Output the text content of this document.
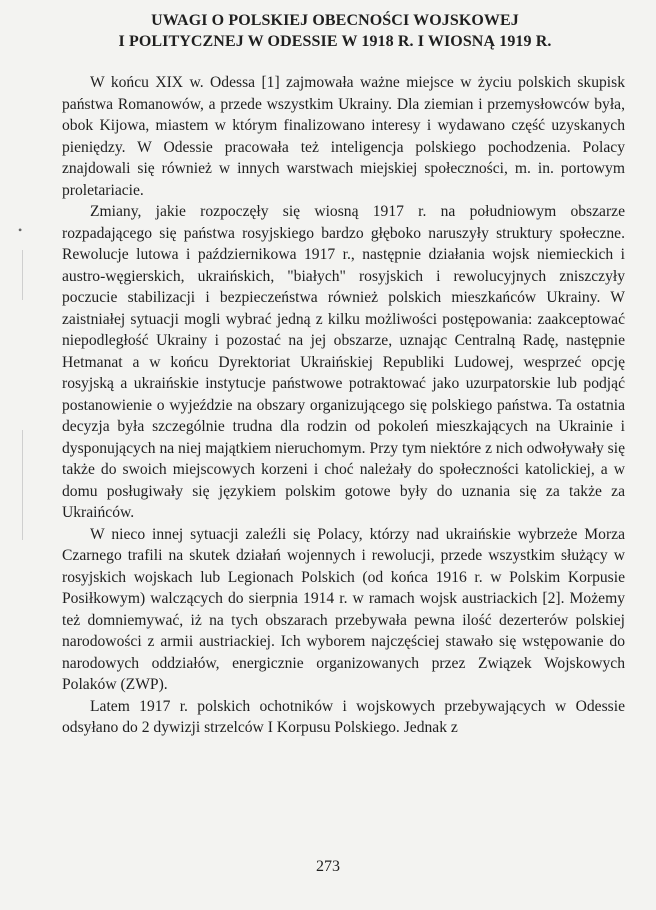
UWAGI O POLSKIEJ OBECNOŚCI WOJSKOWEJ
I POLITYCZNEJ W ODESSIE W 1918 R. I WIOSNĄ 1919 R.
•

W końcu XIX w. Odessa [1] zajmowała ważne miejsce w życiu polskich skupisk państwa Romanowów, a przede wszystkim Ukrainy. Dla ziemian i przemysłowców była, obok Kijowa, miastem w którym finalizowano interesy i wydawano część uzyskanych pieniędzy. W Odessie pracowała też inteligencja polskiego pochodzenia. Polacy znajdowali się również w innych warstwach miejskiej społeczności, m. in. portowym proletariacie.

Zmiany, jakie rozpoczęły się wiosną 1917 r. na południowym obszarze rozpadającego się państwa rosyjskiego bardzo głęboko naruszyły struktury społeczne. Rewolucje lutowa i październikowa 1917 r., następnie działania wojsk niemieckich i austro-węgierskich, ukraińskich, "białych" rosyjskich i rewolucyjnych zniszczyły poczucie stabilizacji i bezpieczeństwa również polskich mieszkańców Ukrainy. W zaistniałej sytuacji mogli wybrać jedną z kilku możliwości postępowania: zaakceptować niepodległość Ukrainy i pozostać na jej obszarze, uznając Centralną Radę, następnie Hetmanat a w końcu Dyrektoriat Ukraińskiej Republiki Ludowej, wesprzeć opcję rosyjską a ukraińskie instytucje państwowe potraktować jako uzurpatorskie lub podjąć postanowienie o wyjeździe na obszary organizującego się polskiego państwa. Ta ostatnia decyzja była szczególnie trudna dla rodzin od pokoleń mieszkających na Ukrainie i dysponujących na niej majątkiem nieruchomym. Przy tym niektóre z nich odwoływały się także do swoich miejscowych korzeni i choć należały do społeczności katolickiej, a w domu posługiwały się językiem polskim gotowe były do uznania się za także za Ukraińców.

W nieco innej sytuacji zaleźli się Polacy, którzy nad ukraińskie wybrzeże Morza Czarnego trafili na skutek działań wojennych i rewolucji, przede wszystkim służący w rosyjskich wojskach lub Legionach Polskich (od końca 1916 r. w Polskim Korpusie Posiłkowym) walczących do sierpnia 1914 r. w ramach wojsk austriackich [2]. Możemy też domniemywać, iż na tych obszarach przebywała pewna ilość dezerterów polskiej narodowości z armii austriackiej. Ich wyborem najczęściej stawało się wstępowanie do narodowych oddziałów, energicznie organizowanych przez Związek Wojskowych Polaków (ZWP).

Latem 1917 r. polskich ochotników i wojskowych przebywających w Odessie odsyłano do 2 dywizji strzelców I Korpusu Polskiego. Jednak z

273
